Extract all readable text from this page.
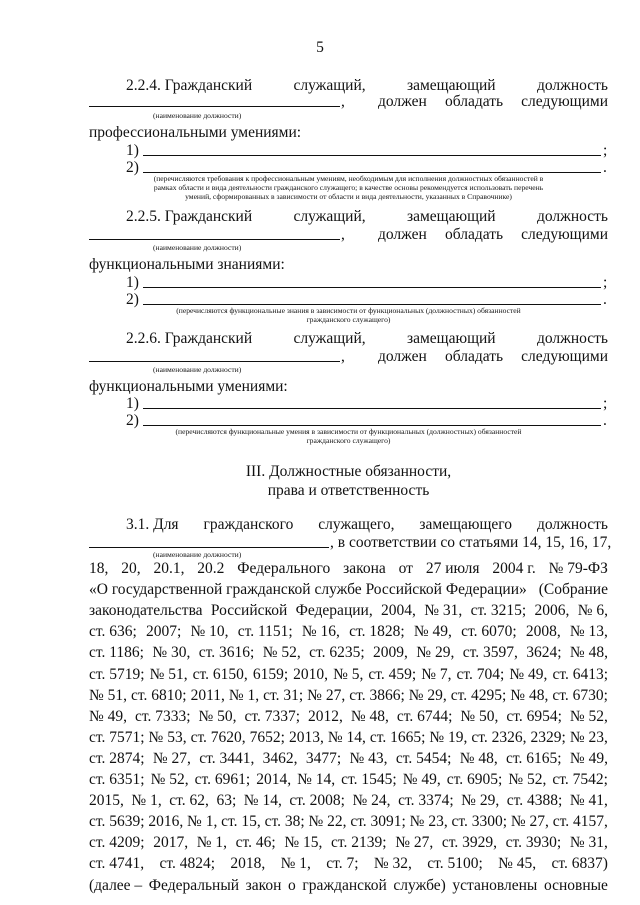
5
2.2.4. Гражданский	служащий,	замещающий	должность
, должен обладать следующими
(наименование должности)
профессиональными умениями:
1)	;
2)	.
(перечисляются требования к профессиональным умениям, необходимым для исполнения должностных обязанностей в
рамках области и вида деятельности гражданского служащего; в качестве основы рекомендуется использовать перечень
умений, сформированных в зависимости от области и вида деятельности, указанных в Справочнике)
2.2.5. Гражданский	служащий,	замещающий	должность
, должен обладать следующими
(наименование должности)
функциональными знаниями:
1)	;
2)	.
(перечисляются функциональные знания в зависимости от функциональных (должностных) обязанностей
гражданского служащего)
2.2.6. Гражданский	служащий,	замещающий	должность
, должен обладать следующими
(наименование должности)
функциональными умениями:
1)	;
2)	.
(перечисляются функциональные умения в зависимости от функциональных (должностных) обязанностей
гражданского служащего)
III. Должностные обязанности,
права и ответственность
3.1. Для гражданского служащего, замещающего должность
, в соответствии со статьями 14, 15, 16, 17,
(наименование должности)
18, 20, 20.1, 20.2 Федерального закона от 27 июля 2004 г. № 79-ФЗ
«О государственной гражданской службе Российской Федерации» (Собрание
законодательства Российской Федерации, 2004, № 31, ст. 3215; 2006, № 6,
ст. 636; 2007; № 10, ст. 1151; № 16, ст. 1828; № 49, ст. 6070; 2008, № 13,
ст. 1186; № 30, ст. 3616; № 52, ст. 6235; 2009, № 29, ст. 3597, 3624; № 48,
ст. 5719; № 51, ст. 6150, 6159; 2010, № 5, ст. 459; № 7, ст. 704; № 49, ст. 6413;
№ 51, ст. 6810; 2011, № 1, ст. 31; № 27, ст. 3866; № 29, ст. 4295; № 48, ст. 6730;
№ 49, ст. 7333; № 50, ст. 7337; 2012, № 48, ст. 6744; № 50, ст. 6954; № 52,
ст. 7571; № 53, ст. 7620, 7652; 2013, № 14, ст. 1665; № 19, ст. 2326, 2329; № 23,
ст. 2874; № 27, ст. 3441, 3462, 3477; № 43, ст. 5454; № 48, ст. 6165; № 49,
ст. 6351; № 52, ст. 6961; 2014, № 14, ст. 1545; № 49, ст. 6905; № 52, ст. 7542;
2015, № 1, ст. 62, 63; № 14, ст. 2008; № 24, ст. 3374; № 29, ст. 4388; № 41,
ст. 5639; 2016, № 1, ст. 15, ст. 38; № 22, ст. 3091; № 23, ст. 3300; № 27, ст. 4157,
ст. 4209; 2017, № 1, ст. 46; № 15, ст. 2139; № 27, ст. 3929, ст. 3930; № 31,
ст. 4741, ст. 4824; 2018, № 1, ст. 7; № 32, ст. 5100; № 45, ст. 6837)
(далее – Федеральный закон о гражданской службе) установлены основные
